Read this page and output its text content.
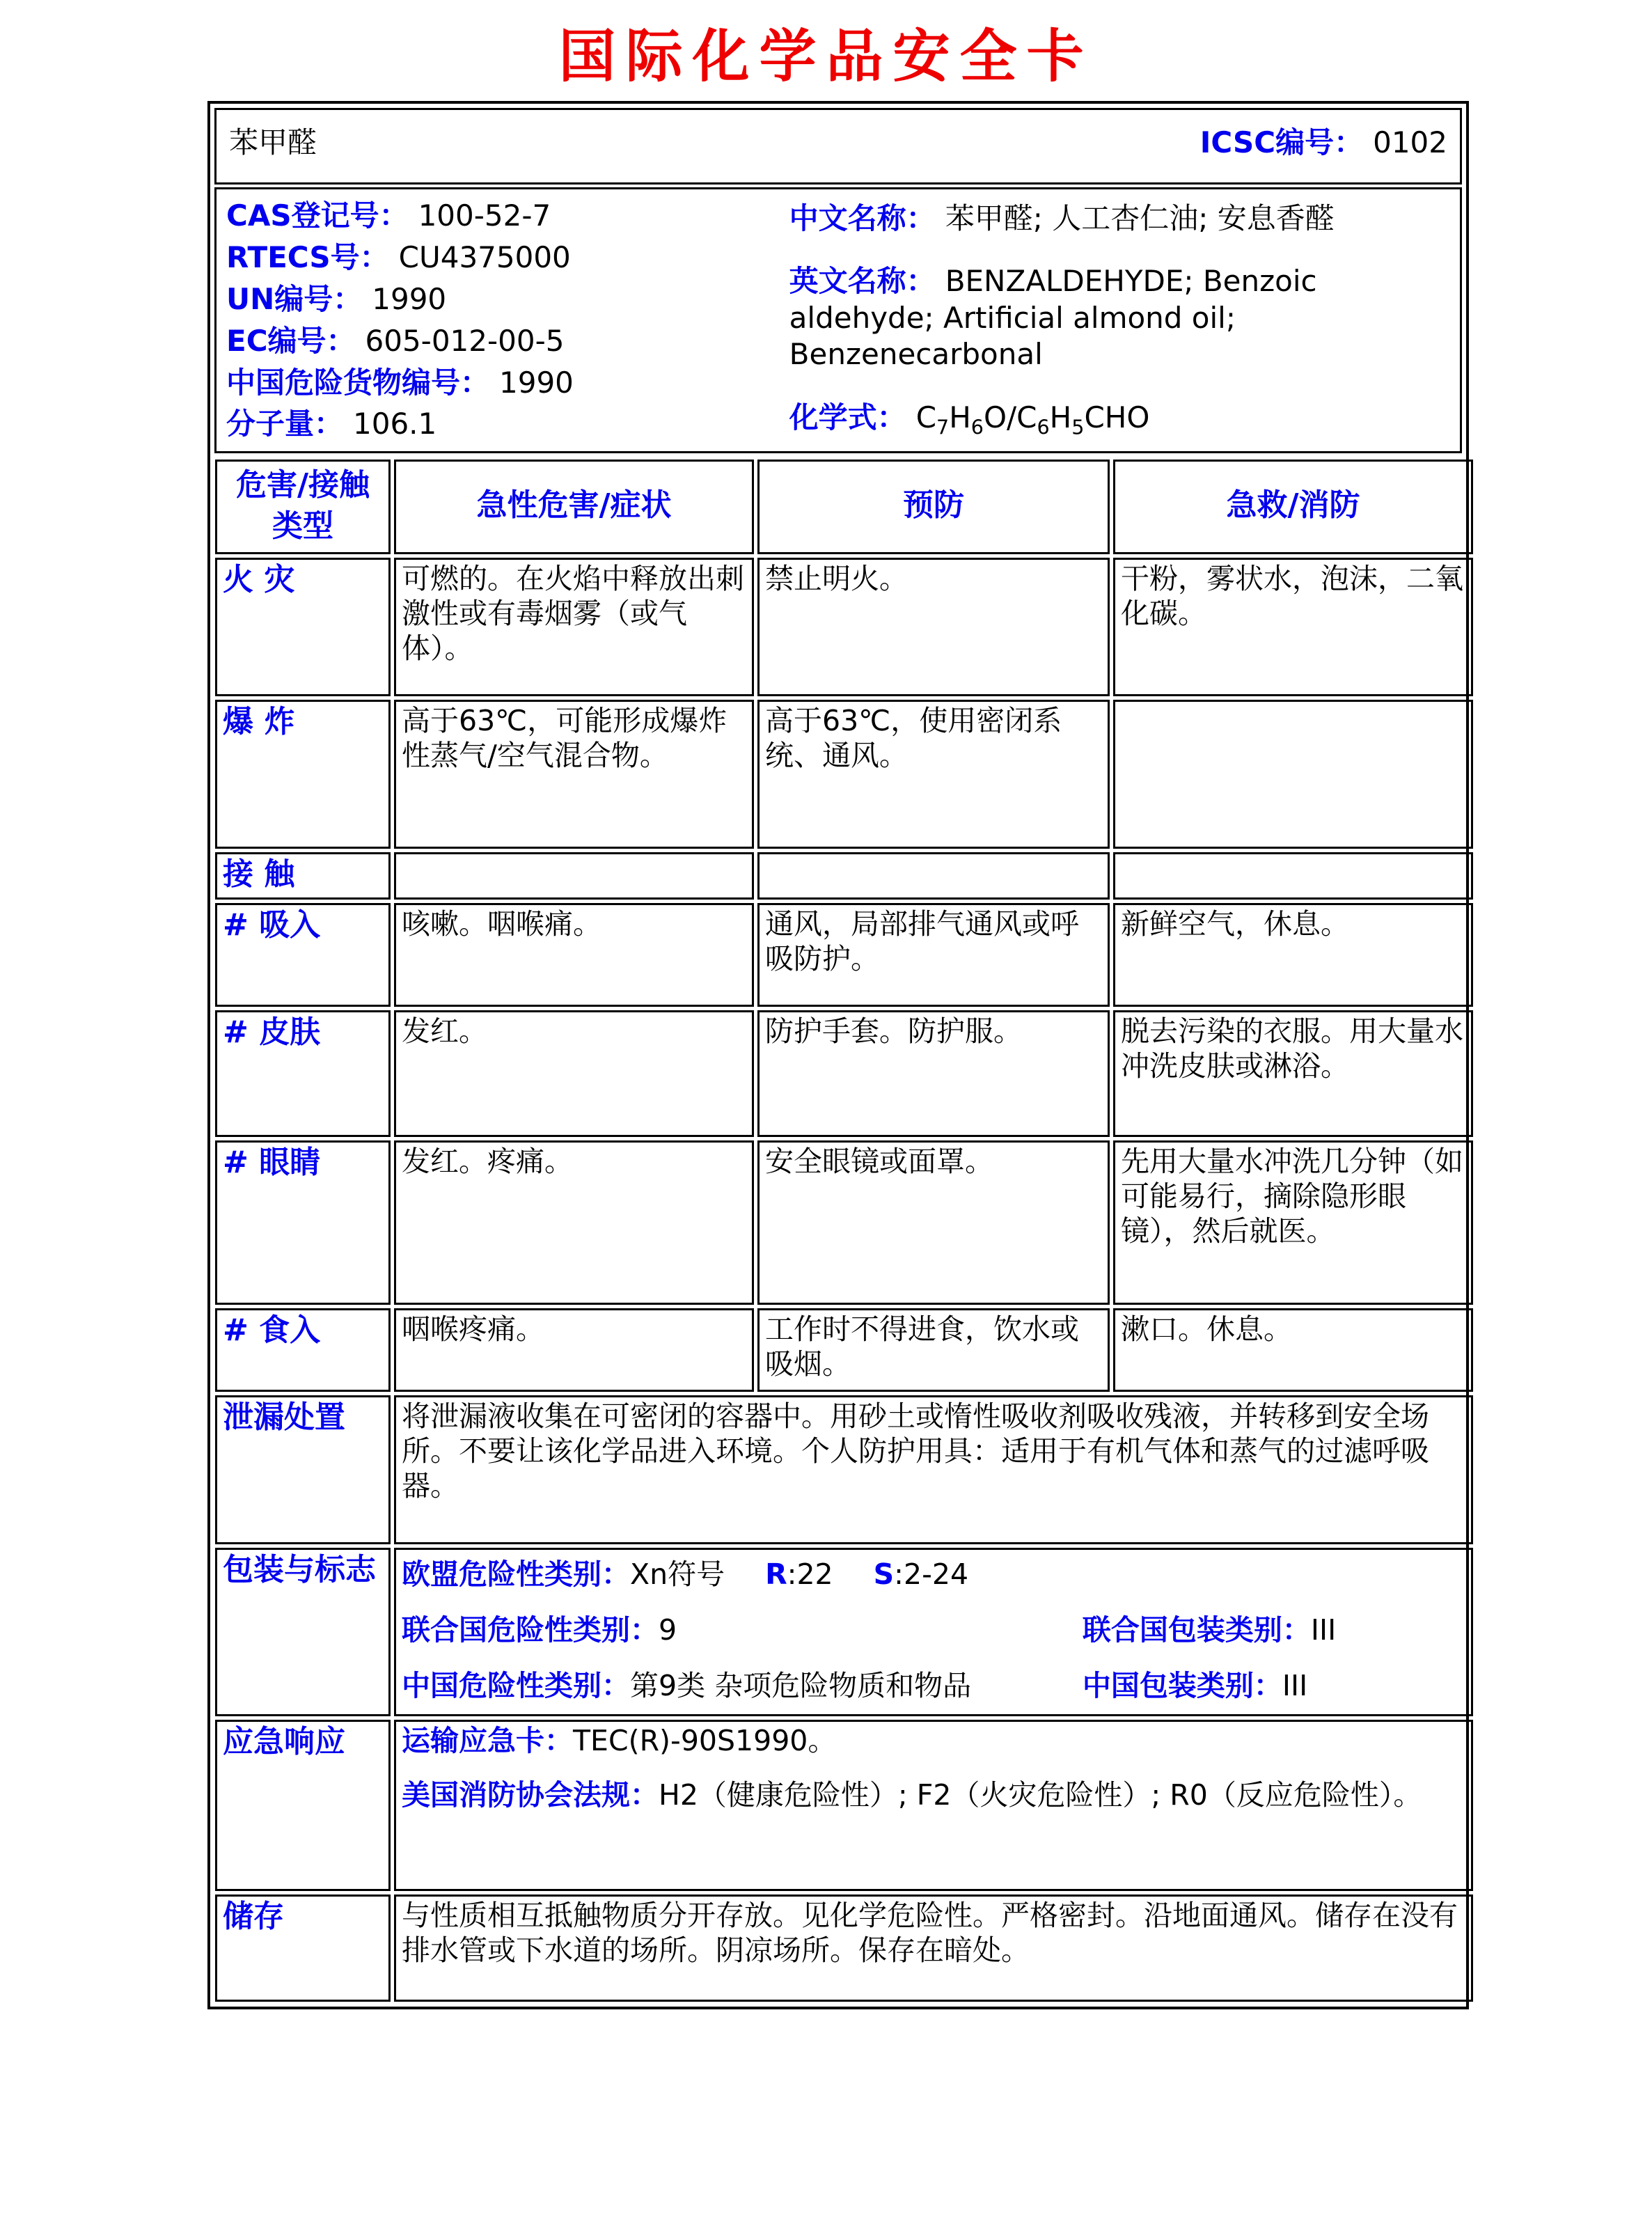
国际化学品安全卡
苯甲醛	ICSC编号： 0102
CAS登记号： 100-52-7
RTECS号： CU4375000
UN编号： 1990
EC编号： 605-012-00-5
中国危险货物编号： 1990
分子量： 106.1
中文名称： 苯甲醛; 人工杏仁油; 安息香醛
英文名称： BENZALDEHYDE; Benzoic aldehyde; Artificial almond oil; Benzenecarbonal
化学式： $C_7H_6O/C_6H_5CHO$
危害/接触
类型	急性危害/症状	预防	急救/消防
火 灾	可燃的。在火焰中释放出刺激性或有毒烟雾（或气体）。	禁止明火。	干粉，雾状水，泡沫，二氧化碳。
爆 炸	高于63℃，可能形成爆炸性蒸气/空气混合物。	高于63℃，使用密闭系统、通风。	
接 触			
# 吸入	咳嗽。咽喉痛。	通风，局部排气通风或呼吸防护。	新鲜空气，休息。
# 皮肤	发红。	防护手套。防护服。	脱去污染的衣服。用大量水冲洗皮肤或淋浴。
# 眼睛	发红。疼痛。	安全眼镜或面罩。	先用大量水冲洗几分钟（如可能易行，摘除隐形眼镜），然后就医。
# 食入	咽喉疼痛。	工作时不得进食，饮水或吸烟。	漱口。休息。
泄漏处置	将泄漏液收集在可密闭的容器中。用砂土或惰性吸收剂吸收残液，并转移到安全场所。不要让该化学品进入环境。个人防护用具：适用于有机气体和蒸气的过滤呼吸器。		
包装与标志	欧盟危险性类别：Xn符号 R:22 S:2-24
联合国危险性类别：9 联合国包装类别：III
中国危险性类别：第9类 杂项危险物质和物品 中国包装类别：III		

应急响应	运输应急卡：TEC(R)-90S1990。
美国消防协会法规：H2（健康危险性）; F2（火灾危险性）; R0（反应危险性）。		

储存	与性质相互抵触物质分开存放。见化学危险性。严格密封。沿地面通风。储存在没有排水管或下水道的场所。阴凉场所。保存在暗处。		
